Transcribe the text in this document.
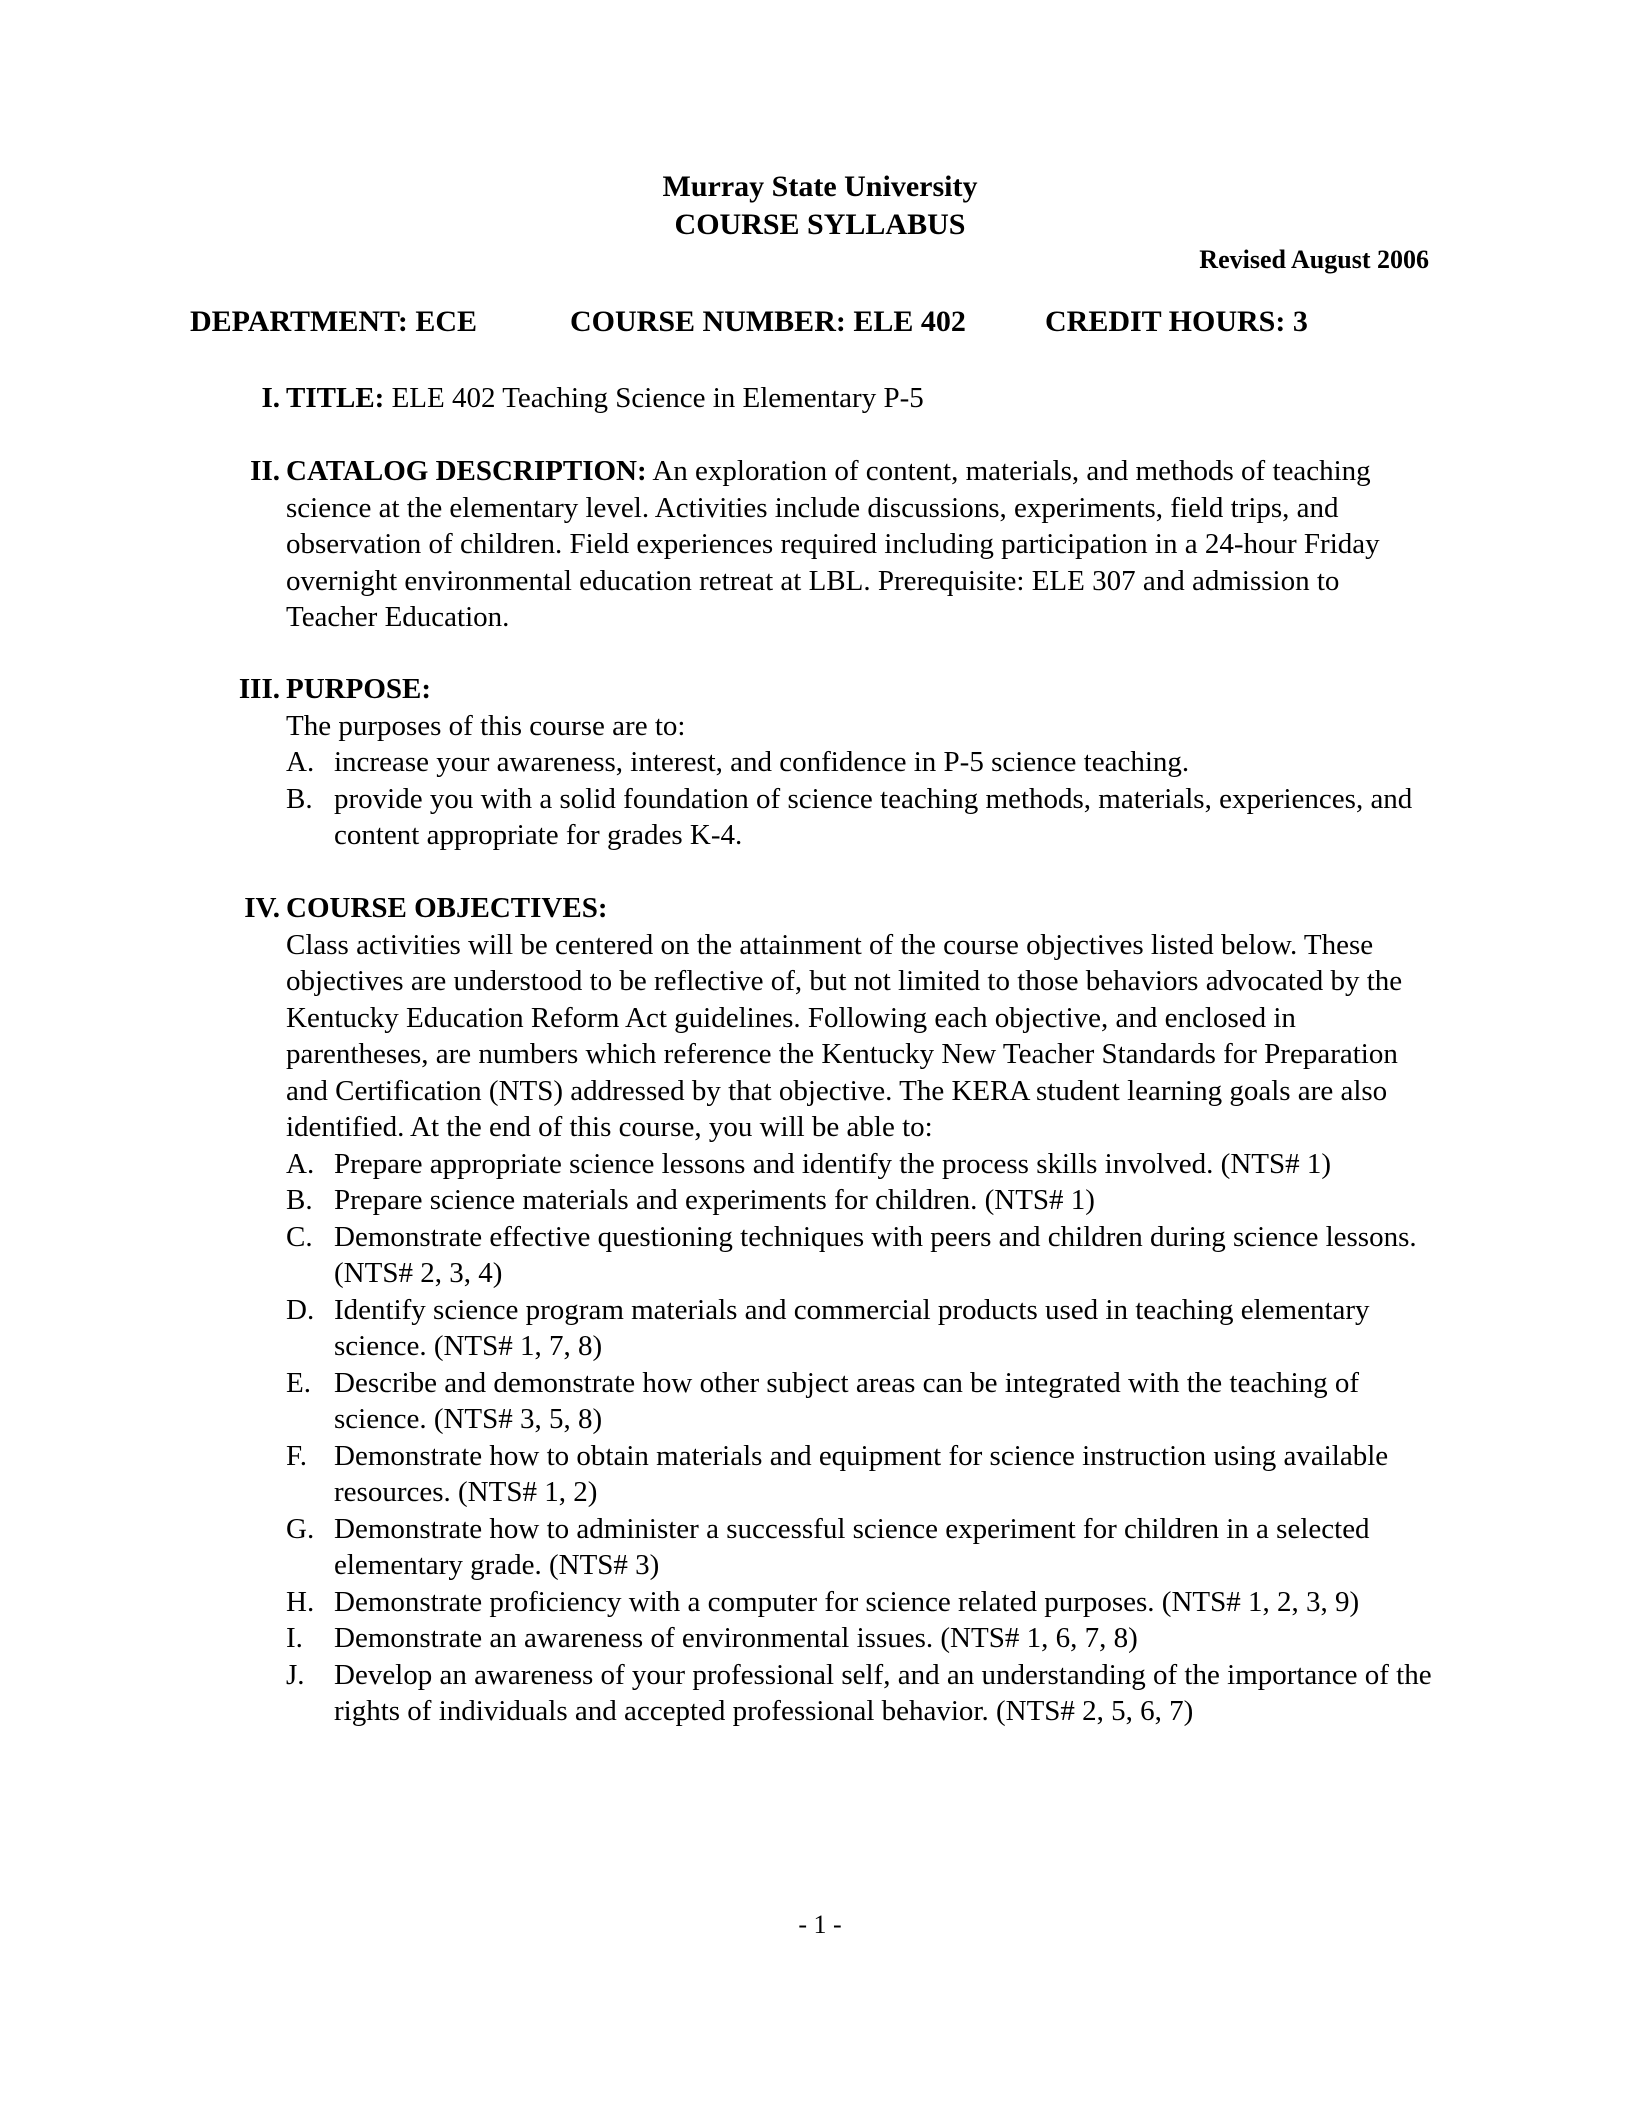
Murray State University
COURSE SYLLABUS
Revised August 2006
DEPARTMENT: ECE	COURSE NUMBER: ELE 402	CREDIT HOURS: 3
I. TITLE: ELE 402 Teaching Science in Elementary P-5

II. CATALOG DESCRIPTION: An exploration of content, materials, and methods of teaching science at the elementary level. Activities include discussions, experiments, field trips, and observation of children. Field experiences required including participation in a 24-hour Friday overnight environmental education retreat at LBL. Prerequisite: ELE 307 and admission to Teacher Education.

III. PURPOSE:

The purposes of this course are to:

A. increase your awareness, interest, and confidence in P-5 science teaching.
B. provide you with a solid foundation of science teaching methods, materials, experiences, and content appropriate for grades K-4.
IV. COURSE OBJECTIVES:

Class activities will be centered on the attainment of the course objectives listed below. These objectives are understood to be reflective of, but not limited to those behaviors advocated by the Kentucky Education Reform Act guidelines. Following each objective, and enclosed in parentheses, are numbers which reference the Kentucky New Teacher Standards for Preparation and Certification (NTS) addressed by that objective. The KERA student learning goals are also identified. At the end of this course, you will be able to:

A. Prepare appropriate science lessons and identify the process skills involved. (NTS# 1)
B. Prepare science materials and experiments for children. (NTS# 1)
C. Demonstrate effective questioning techniques with peers and children during science lessons. (NTS# 2, 3, 4)
D. Identify science program materials and commercial products used in teaching elementary science. (NTS# 1, 7, 8)
E. Describe and demonstrate how other subject areas can be integrated with the teaching of science. (NTS# 3, 5, 8)
F. Demonstrate how to obtain materials and equipment for science instruction using available resources. (NTS# 1, 2)
G. Demonstrate how to administer a successful science experiment for children in a selected elementary grade. (NTS# 3)
H. Demonstrate proficiency with a computer for science related purposes. (NTS# 1, 2, 3, 9)
I. Demonstrate an awareness of environmental issues. (NTS# 1, 6, 7, 8)
J. Develop an awareness of your professional self, and an understanding of the importance of the rights of individuals and accepted professional behavior. (NTS# 2, 5, 6, 7)
- 1 -
